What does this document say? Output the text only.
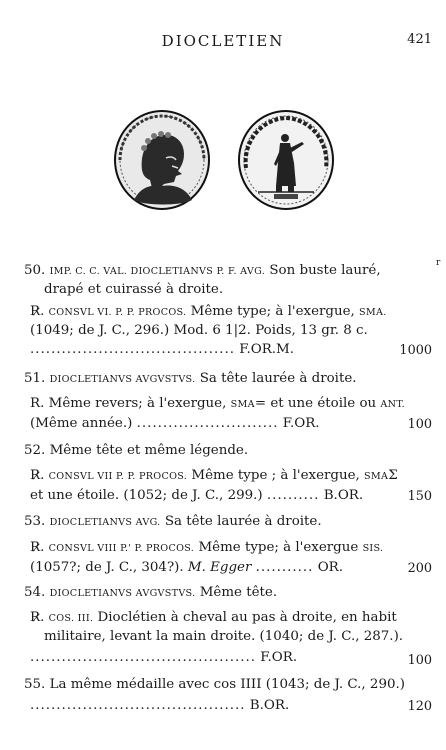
DIOCLETIEN	421
r
50. IMP. C. C. VAL. DIOCLETIANVS P. F. AVG. Son buste lauré,
drapé et cuirassé à droite.
R̷. CONSVL VI. P. P. PROCOS. Même type; à l'exergue, SMA.
(1049; de J. C., 296.) Mod. 6 1|2. Poids, 13 gr. 8 c.
....................................... F.OR.M.	1000
51. DIOCLETIANVS AVGVSTVS. Sa tête laurée à droite.
R. Même revers; à l'exergue, SMA= et une étoile ou ANT.
(Même année.) ........................... F.OR.	100
52. Même tête et même légende.
R̷. CONSVL VII P. P. PROCOS. Même type ; à l'exergue, SMAΣ
et une étoile. (1052; de J. C., 299.) .......... B.OR.	150
53. DIOCLETIANVS AVG. Sa tête laurée à droite.
R̷. CONSVL VIII P.' P. PROCOS. Même type; à l'exergue SIS.
(1057?; de J. C., 304?). M. Egger ........... OR.	200
54. DIOCLETIANVS AVGVSTVS. Même tête.
R̷. COS. III. Dioclétien à cheval au pas à droite, en habit
militaire, levant la main droite. (1040; de J. C., 287.).
........................................... F.OR.	100
55. La même médaille avec cos IIII (1043; de J. C., 290.)
......................................... B.OR.	120
